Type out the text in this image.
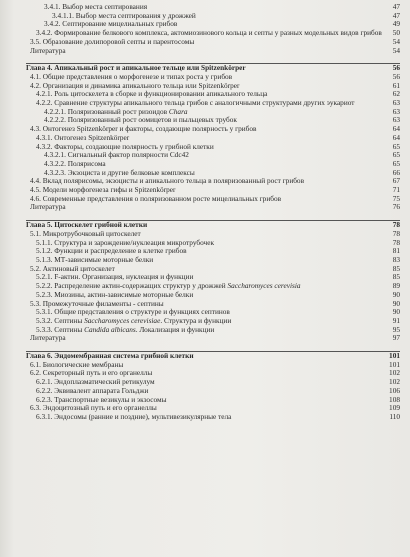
3.4.1. Выбор места септирования	47
3.4.1.1. Выбор места септирования у дрожжей	47
3.4.2. Септирование мицелиальных грибов	49
3.4.2. Формирование белкового комплекса, актомиозинового кольца и септы у разных модельных видов грибов	50
3.5. Образование долипоровой септы и парентосомы	54
Литература	54
Глава 4. Апикальный рост и апикальное тельце или Spitzenkörper	56
4.1. Общие представления о морфогенезе и типах роста у грибов	56
4.2. Организация и динамика апикального тельца или Spitzenkörper	61
4.2.1. Роль цитоскелета в сборке и функционировании апикального тельца	62
4.2.2. Сравнение структуры апикального тельца грибов с аналогичными структурами других эукариот	63
4.2.2.1. Поляризованный рост ризоидов Chara	63
4.2.2.2. Поляризованный рост оомицетов и пыльцевых трубок	63
4.3. Онтогенез Spitzenkörper и факторы, создающие полярность у грибов	64
4.3.1. Онтогенез Spitzenkörper	64
4.3.2. Факторы, создающие полярность у грибной клетки	65
4.3.2.1. Сигнальный фактор полярности Cdc42	65
4.3.2.2. Полярисома	65
4.3.2.3. Экзоциста и другие белковые комплексы	66
4.4. Вклад полярисомы, экзоцисты и апикального тельца в поляризованный рост грибов	67
4.5. Модели морфогенеза гифы и Spitzenkörper	71
4.6. Современные представления о поляризованном росте мицелиальных грибов	75
Литература	76
Глава 5. Цитоскелет грибной клетки	78
5.1. Микротрубочковый цитоскелет	78
5.1.1. Структура и зарождение/нуклеация микротрубочек	78
5.1.2. Функции и распределение в клетке грибов	81
5.1.3. МТ-зависимые моторные белки	83
5.2. Актиновый цитоскелет	85
5.2.1. F-актин. Организация, нуклеация и функции	85
5.2.2. Распределение актин-содержащих структур у дрожжей Saccharomyces cerevisia	89
5.2.3. Миозины, актин-зависимые моторные белки	90
5.3. Промежуточные филаменты - септины	90
5.3.1. Общие представления о структуре и функциях септинов	90
5.3.2. Септины Saccharomyces cerevisiae. Структура и функции	91
5.3.3. Септины Candida albicans. Локализация и функции	95
Литература	97
Глава 6. Эндомембранная система грибной клетки	101
6.1. Биологические мембраны	101
6.2. Секреторный путь и его органеллы	102
6.2.1. Эндоплазматический ретикулум	102
6.2.2. Эквивалент аппарата Гольджи	106
6.2.3. Транспортные везикулы и экзосомы	108
6.3. Эндоцитозный путь и его органеллы	109
6.3.1. Эндосомы (ранние и поздние), мультивезикулярные тела	110
